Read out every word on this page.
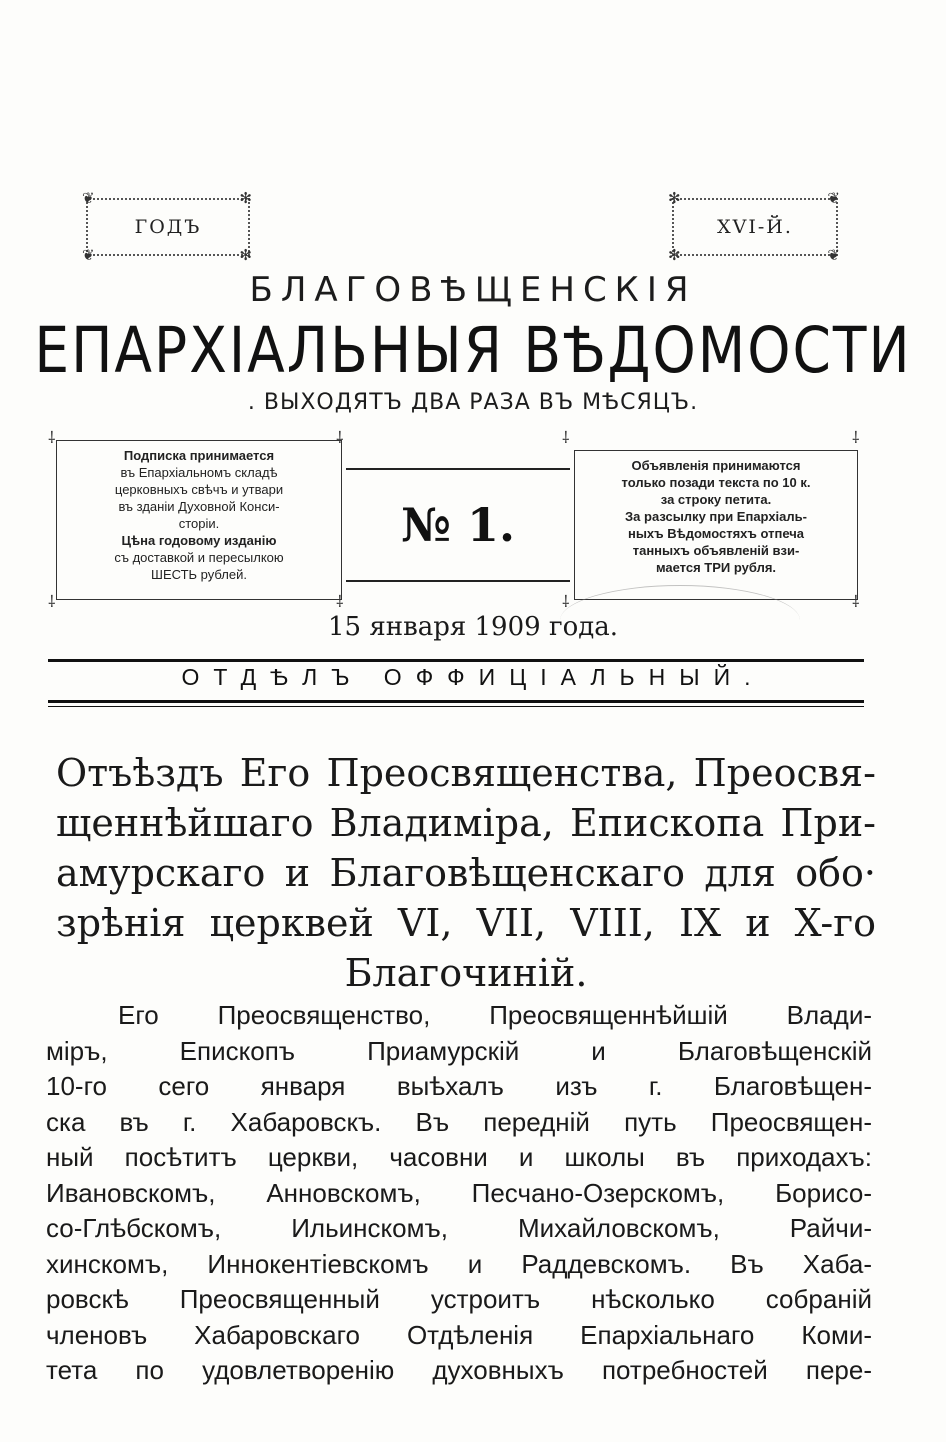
❦	✻
❦	✻
ГОДЪ
✻	❦
✻	❦
XVI-Й.
БЛАГОВѢЩЕНСКІЯ
ЕПАРХІАЛЬНЫЯ ВѢДОМОСТИ
. ВЫХОДЯТЪ ДВА РАЗА ВЪ МѢСЯЦЪ.
Подписка принимается
въ Епархіальномъ складѣ
церковныхъ свѣчъ и утвари
въ зданіи Духовной Конси-
сторіи.
Цѣна годовому изданію
съ доставкой и пересылкою
ШЕСТЬ рублей.
⸸	⸸
⸸	⸸
№ 1.
Объявленія принимаются
только позади текста по 10 к.
за строку петита.
За разсылку при Епархіаль-
ныхъ Вѣдомостяхъ отпеча
танныхъ объявленій взи-
мается ТРИ рубля.
⸸	⸸
⸸	⸸
15 января 1909 года.
ОТДѢЛЪ ОФФИЦІАЛЬНЫЙ.
Отъѣздъ Его Преосвященства, Преосвя-
щеннѣйшаго Владиміра, Епископа При-
амурскаго и Благовѣщенскаго для обо·
зрѣнія церквей VI, VII, VIII, IX и X-го
Благочиній.
Его Преосвященство, Преосвященнѣйшій Влади-
міръ, Епископъ Приамурскій и Благовѣщенскій
10-го сего января выѣхалъ изъ г. Благовѣщен-
ска въ г. Хабаровскъ. Въ передній путь Преосвящен-
ный посѣтитъ церкви, часовни и школы въ приходахъ:
Ивановскомъ, Анновскомъ, Песчано-Озерскомъ, Борисо-
со-Глѣбскомъ, Ильинскомъ, Михайловскомъ, Райчи-
хинскомъ, Иннокентіевскомъ и Раддевскомъ. Въ Хаба-
ровскѣ Преосвященный устроитъ нѣсколько собраній
членовъ Хабаровскаго Отдѣленія Епархіальнаго Коми-
тета по удовлетворенію духовныхъ потребностей пере-
